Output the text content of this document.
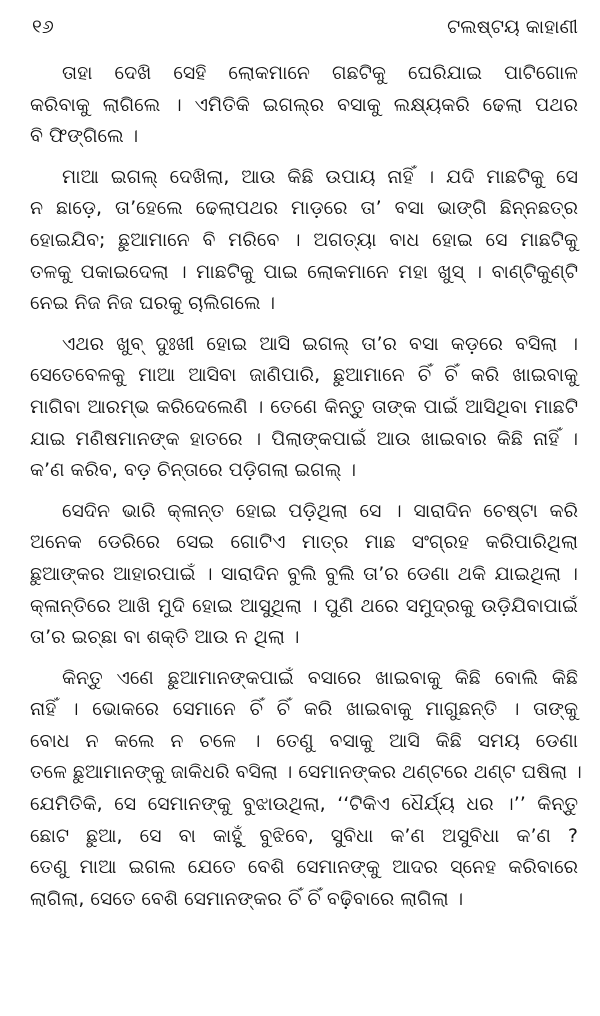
୧୬	ଟଲଷ୍ଟୟ କାହାଣୀ
ତାହା ଦେଖି ସେହି ଲୋକମାନେ ଗଛଟିକୁ ଘେରିଯାଇ ପାଟିଗୋଳ
କରିବାକୁ ଲାଗିଲେ । ଏମିତିକି ଇଗଲ୍‌ର ବସାକୁ ଲକ୍ଷ୍ୟକରି ଢେଲା ପଥର
ବି ଫିଙ୍ଗିଲେ ।
ମାଆ ଇଗଲ୍ ଦେଖିଲା, ଆଉ କିଛି ଉପାୟ ନାହିଁ । ଯଦି ମାଛଟିକୁ ସେ
ନ ଛାଡ଼େ, ତା’ହେଲେ ଢେଲାପଥର ମାଡ଼ରେ ତା’ ବସା ଭାଙ୍ଗି ଛିନ୍ନଛତ୍ର
ହୋଇଯିବ; ଛୁଆମାନେ ବି ମରିବେ । ଅଗତ୍ୟା ବାଧ ହୋଇ ସେ ମାଛଟିକୁ
ତଳକୁ ପକାଇଦେଲା । ମାଛଟିକୁ ପାଇ ଲୋକମାନେ ମହା ଖୁସ୍ । ବାଣ୍ଟିକୁଣ୍ଟି
ନେଇ ନିଜ ନିଜ ଘରକୁ ଚାଲିଗଲେ ।
ଏଥର ଖୁବ୍ ଦୁଃଖୀ ହୋଇ ଆସି ଇଗଲ୍ ତା’ର ବସା କଡ଼ରେ ବସିଲା ।
ସେତେବେଳକୁ ମାଆ ଆସିବା ଜାଣିପାରି, ଛୁଆମାନେ ଚିଁ ଚିଁ କରି ଖାଇବାକୁ
ମାଗିବା ଆରମ୍ଭ କରିଦେଲେଣି । ତେଣେ କିନ୍ତୁ ତାଙ୍କ ପାଇଁ ଆସିଥିବା ମାଛଟି
ଯାଇ ମଣିଷମାନଙ୍କ ହାତରେ । ପିଲାଙ୍କପାଇଁ ଆଉ ଖାଇବାର କିଛି ନାହିଁ ।
କ’ଣ କରିବ, ବଡ଼ ଚିନ୍ତାରେ ପଡ଼ିଗଲା ଇଗଲ୍ ।
ସେଦିନ ଭାରି କ୍ଳାନ୍ତ ହୋଇ ପଡ଼ିଥିଲା ସେ । ସାରାଦିନ ଚେଷ୍ଟା କରି
ଅନେକ ଡେରିରେ ସେଇ ଗୋଟିଏ ମାତ୍ର ମାଛ ସଂଗ୍ରହ କରିପାରିଥିଲା
ଛୁଆଙ୍କର ଆହାରପାଇଁ । ସାରାଦିନ ବୁଲି ବୁଲି ତା’ର ଡେଣା ଥକି ଯାଇଥିଲା ।
କ୍ଳାନ୍ତିରେ ଆଖି ମୁଦି ହୋଇ ଆସୁଥିଲା । ପୁଣି ଥରେ ସମୁଦ୍ରକୁ ଉଡ଼ିଯିବାପାଇଁ
ତା’ର ଇଚ୍ଛା ବା ଶକ୍ତି ଆଉ ନ ଥିଲା ।
କିନ୍ତୁ ଏଣେ ଛୁଆମାନଙ୍କପାଇଁ ବସାରେ ଖାଇବାକୁ କିଛି ବୋଲି କିଛି
ନାହିଁ । ଭୋକରେ ସେମାନେ ଚିଁ ଚିଁ କରି ଖାଇବାକୁ ମାଗୁଛନ୍ତି । ତାଙ୍କୁ
ବୋଧ ନ କଲେ ନ ଚଳେ । ତେଣୁ ବସାକୁ ଆସି କିଛି ସମୟ ଡେଣା
ତଳେ ଛୁଆମାନଙ୍କୁ ଜାକିଧରି ବସିଲା । ସେମାନଙ୍କର ଥଣ୍ଟରେ ଥଣ୍ଟ ଘଷିଲା ।
ଯେମିତିକି, ସେ ସେମାନଙ୍କୁ ବୁଝାଉଥିଲା, ‘‘ଟିକିଏ ଧୈର୍ଯ୍ୟ ଧର ।’’ କିନ୍ତୁ
ଛୋଟ ଛୁଆ, ସେ ବା କାହୁଁ ବୁଝିବେ, ସୁବିଧା କ’ଣ ଅସୁବିଧା କ’ଣ ?
ତେଣୁ ମାଆ ଇଗଲ ଯେତେ ବେଶି ସେମାନଙ୍କୁ ଆଦର ସ୍ନେହ କରିବାରେ
ଲାଗିଲା, ସେତେ ବେଶି ସେମାନଙ୍କର ଚିଁ ଚିଁ ବଢ଼ିବାରେ ଲାଗିଲା ।
